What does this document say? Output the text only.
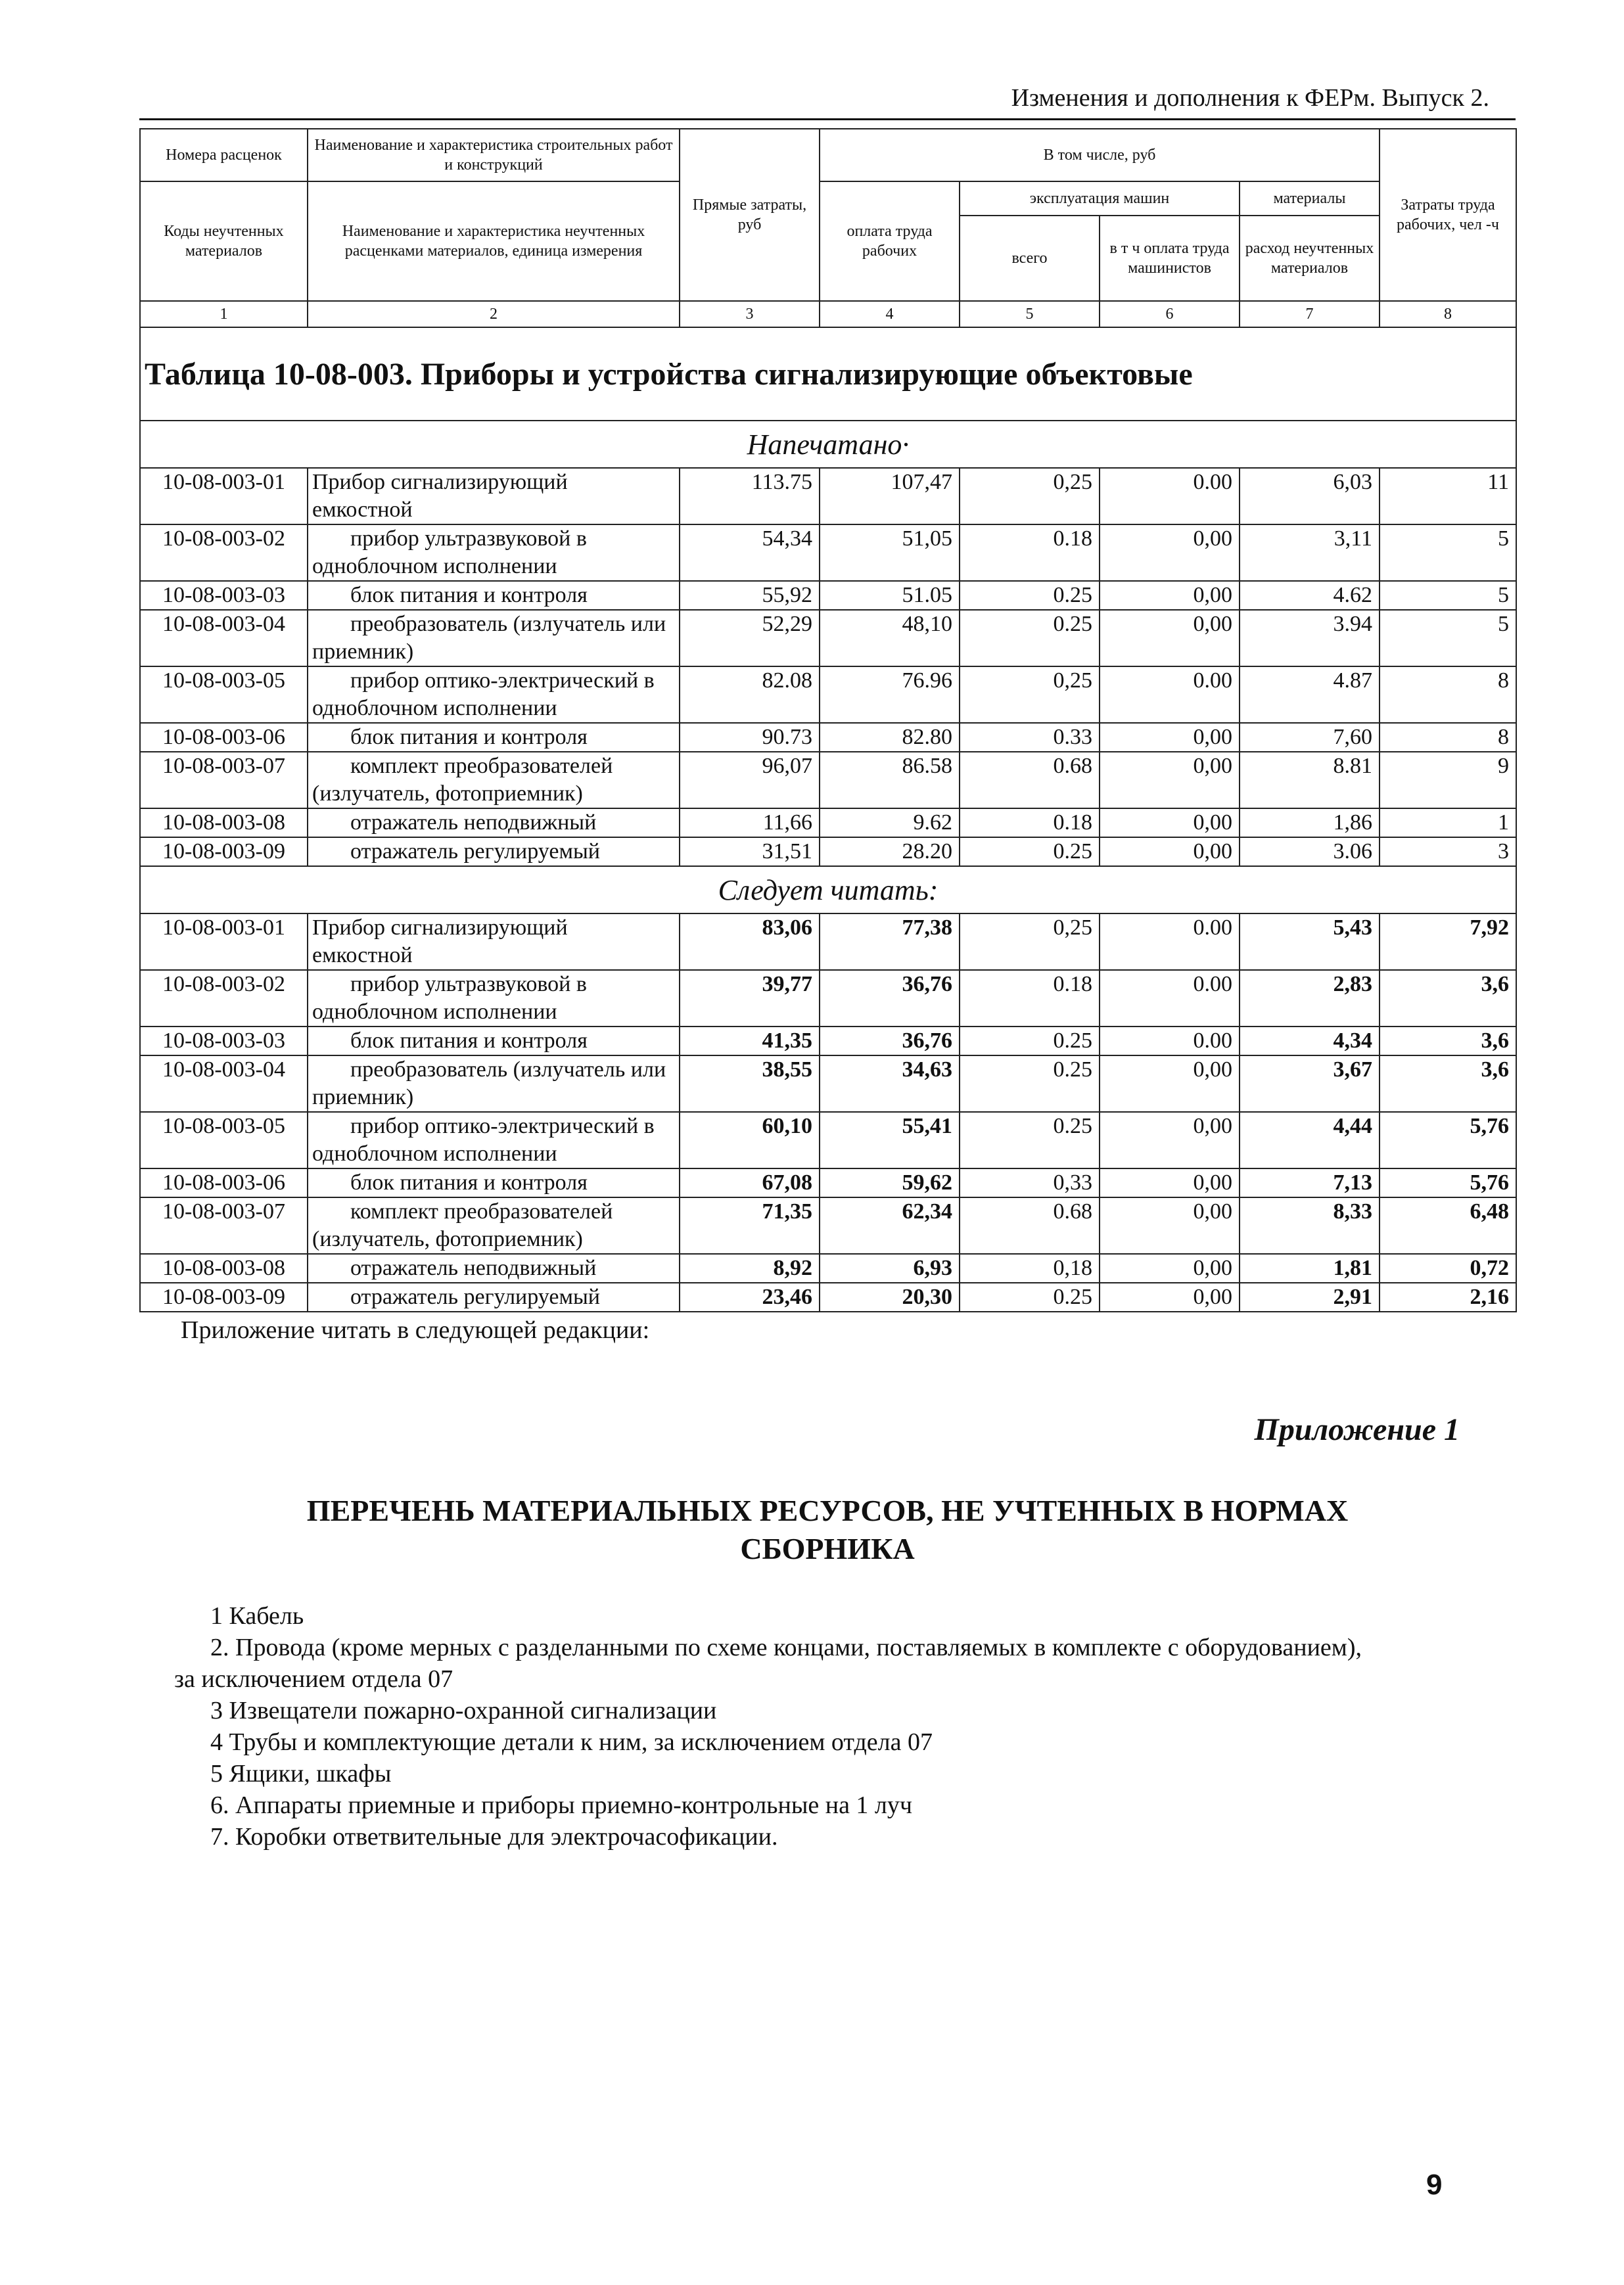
Изменения и дополнения к ФЕРм. Выпуск 2.
Номера расценок	Наименование и характеристика строительных работ и конструкций	Прямые затраты, руб	В том числе, руб				Затраты труда рабочих, чел -ч
Коды неучтенных материалов	Наименование и характеристика неучтенных расценками материалов, единица измерения		оплата труда рабочих	эксплуатация машин		материалы	
				всего	в т ч оплата труда машинистов	расход неучтенных материалов	
1	2	3	4	5	6	7	8
Таблица 10-08-003. Приборы и устройства сигнализирующие объектовые							
Напечатано·							
10-08-003-01	Прибор сигнализирующий емкостной	113.75	107,47	0,25	0.00	6,03	11
10-08-003-02	прибор ультразвуковой в одноблочном исполнении	54,34	51,05	0.18	0,00	3,11	5
10-08-003-03	блок питания и контроля	55,92	51.05	0.25	0,00	4.62	5
10-08-003-04	преобразователь (излучатель или приемник)	52,29	48,10	0.25	0,00	3.94	5
10-08-003-05	прибор оптико-электрический в одноблочном исполнении	82.08	76.96	0,25	0.00	4.87	8
10-08-003-06	блок питания и контроля	90.73	82.80	0.33	0,00	7,60	8
10-08-003-07	комплект преобразователей (излучатель, фотоприемник)	96,07	86.58	0.68	0,00	8.81	9
10-08-003-08	отражатель неподвижный	11,66	9.62	0.18	0,00	1,86	1
10-08-003-09	отражатель регулируемый	31,51	28.20	0.25	0,00	3.06	3
Следует читать:							
10-08-003-01	Прибор сигнализирующий емкостной	83,06	77,38	0,25	0.00	5,43	7,92
10-08-003-02	прибор ультразвуковой в одноблочном исполнении	39,77	36,76	0.18	0.00	2,83	3,6
10-08-003-03	блок питания и контроля	41,35	36,76	0.25	0.00	4,34	3,6
10-08-003-04	преобразователь (излучатель или приемник)	38,55	34,63	0.25	0,00	3,67	3,6
10-08-003-05	прибор оптико-электрический в одноблочном исполнении	60,10	55,41	0.25	0,00	4,44	5,76
10-08-003-06	блок питания и контроля	67,08	59,62	0,33	0,00	7,13	5,76
10-08-003-07	комплект преобразователей (излучатель, фотоприемник)	71,35	62,34	0.68	0,00	8,33	6,48
10-08-003-08	отражатель неподвижный	8,92	6,93	0,18	0,00	1,81	0,72
10-08-003-09	отражатель регулируемый	23,46	20,30	0.25	0,00	2,91	2,16
Приложение читать в следующей редакции:
Приложение 1
ПЕРЕЧЕНЬ МАТЕРИАЛЬНЫХ РЕСУРСОВ, НЕ УЧТЕННЫХ В НОРМАХ
СБОРНИКА
1 Кабель
2. Провода (кроме мерных с разделанными по схеме концами, поставляемых в комплекте с оборудованием),
за исключением отдела 07
3 Извещатели пожарно-охранной сигнализации
4 Трубы и комплектующие детали к ним, за исключением отдела 07
5 Ящики, шкафы
6. Аппараты приемные и приборы приемно-контрольные на 1 луч
7. Коробки ответвительные для электрочасофикации.
9
